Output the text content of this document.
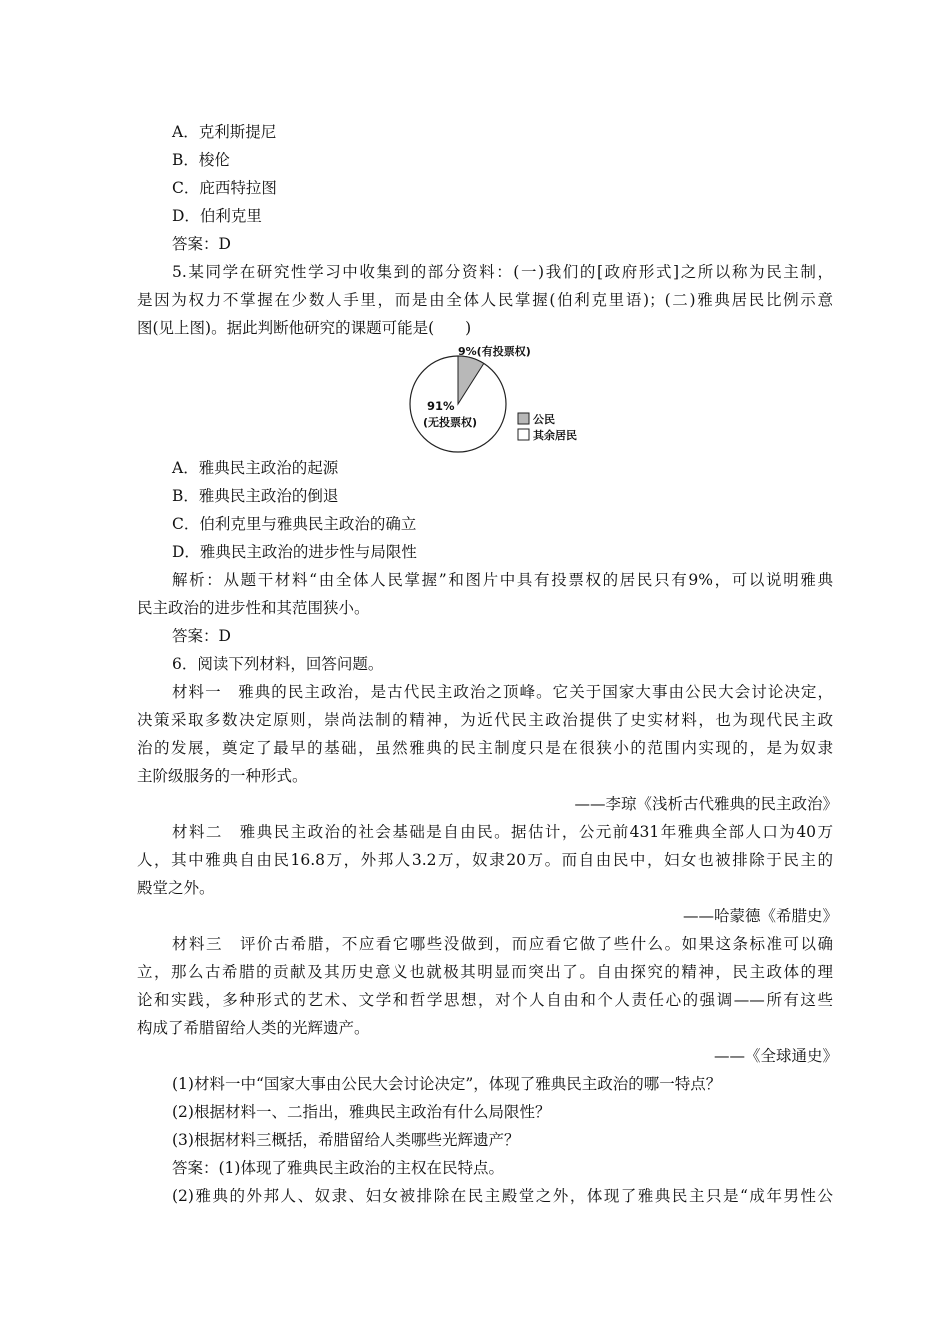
A．克利斯提尼
B．梭伦
C．庇西特拉图
D．伯利克里
答案：D
5.某同学在研究性学习中收集到的部分资料：(一)我们的[政府形式]之所以称为民主制，
是因为权力不掌握在少数人手里，而是由全体人民掌握(伯利克里语)；(二)雅典居民比例示意
图(见上图)。据此判断他研究的课题可能是(　　)
9%(有投票权)
91%
(无投票权)	公民
其余居民
A．雅典民主政治的起源
B．雅典民主政治的倒退
C．伯利克里与雅典民主政治的确立
D．雅典民主政治的进步性与局限性
解析：从题干材料“由全体人民掌握”和图片中具有投票权的居民只有9%，可以说明雅典
民主政治的进步性和其范围狭小。
答案：D
6．阅读下列材料，回答问题。
材料一　雅典的民主政治，是古代民主政治之顶峰。它关于国家大事由公民大会讨论决定，
决策采取多数决定原则，崇尚法制的精神，为近代民主政治提供了史实材料，也为现代民主政
治的发展，奠定了最早的基础，虽然雅典的民主制度只是在很狭小的范围内实现的，是为奴隶
主阶级服务的一种形式。
——李琼《浅析古代雅典的民主政治》
材料二　雅典民主政治的社会基础是自由民。据估计，公元前431年雅典全部人口为40万
人，其中雅典自由民16.8万，外邦人3.2万，奴隶20万。而自由民中，妇女也被排除于民主的
殿堂之外。
——哈蒙德《希腊史》
材料三　评价古希腊，不应看它哪些没做到，而应看它做了些什么。如果这条标准可以确
立，那么古希腊的贡献及其历史意义也就极其明显而突出了。自由探究的精神，民主政体的理
论和实践，多种形式的艺术、文学和哲学思想，对个人自由和个人责任心的强调——所有这些
构成了希腊留给人类的光辉遗产。
——《全球通史》
(1)材料一中“国家大事由公民大会讨论决定”，体现了雅典民主政治的哪一特点？
(2)根据材料一、二指出，雅典民主政治有什么局限性？
(3)根据材料三概括，希腊留给人类哪些光辉遗产？
答案：(1)体现了雅典民主政治的主权在民特点。
(2)雅典的外邦人、奴隶、妇女被排除在民主殿堂之外，体现了雅典民主只是“成年男性公
